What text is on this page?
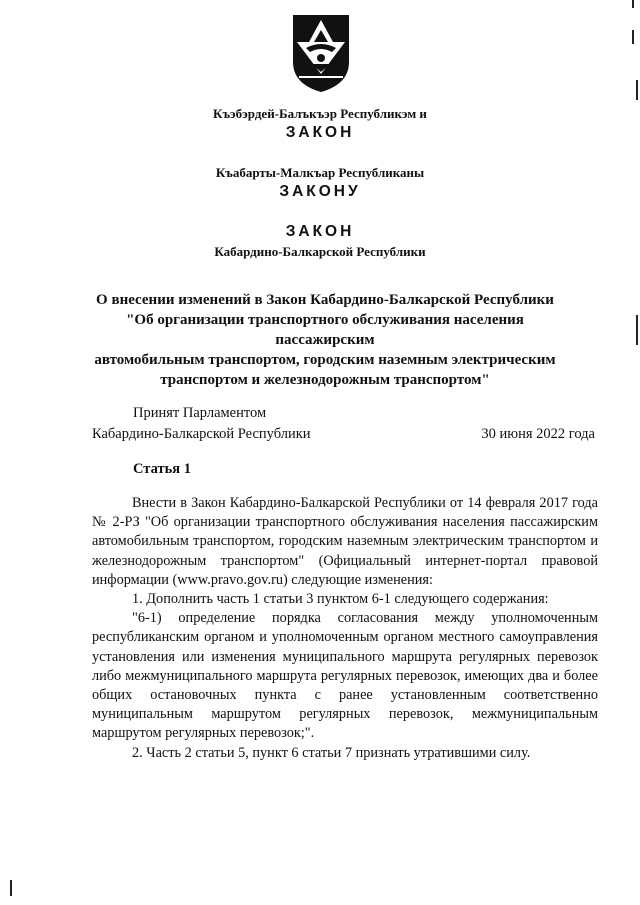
Къэбэрдей-Балъкъэр Республикэм и
ЗАКОН
Къабарты-Малкъар Республиканы
ЗАКОНУ
ЗАКОН
Кабардино-Балкарской Республики
О внесении изменений в Закон Кабардино-Балкарской Республики
"Об организации транспортного обслуживания населения пассажирским
автомобильным транспортом, городским наземным электрическим
транспортом и железнодорожным транспортом"
Принят Парламентом
Кабардино-Балкарской Республики	30 июня 2022 года
Статья 1

Внести в Закон Кабардино-Балкарской Республики от 14 февраля 2017 года № 2-РЗ "Об организации транспортного обслуживания населения пассажирским автомобильным транспортом, городским наземным электрическим транспортом и железнодорожным транспортом" (Официальный интернет-портал правовой информации (www.pravo.gov.ru) следующие изменения:

1. Дополнить часть 1 статьи 3 пунктом 6-1 следующего содержания:

"6-1) определение порядка согласования между уполномоченным республиканским органом и уполномоченным органом местного самоуправления установления или изменения муниципального маршрута регулярных перевозок либо межмуниципального маршрута регулярных перевозок, имеющих два и более общих остановочных пункта с ранее установленным соответственно муниципальным маршрутом регулярных перевозок, межмуниципальным маршрутом регулярных перевозок;".

2. Часть 2 статьи 5, пункт 6 статьи 7 признать утратившими силу.
